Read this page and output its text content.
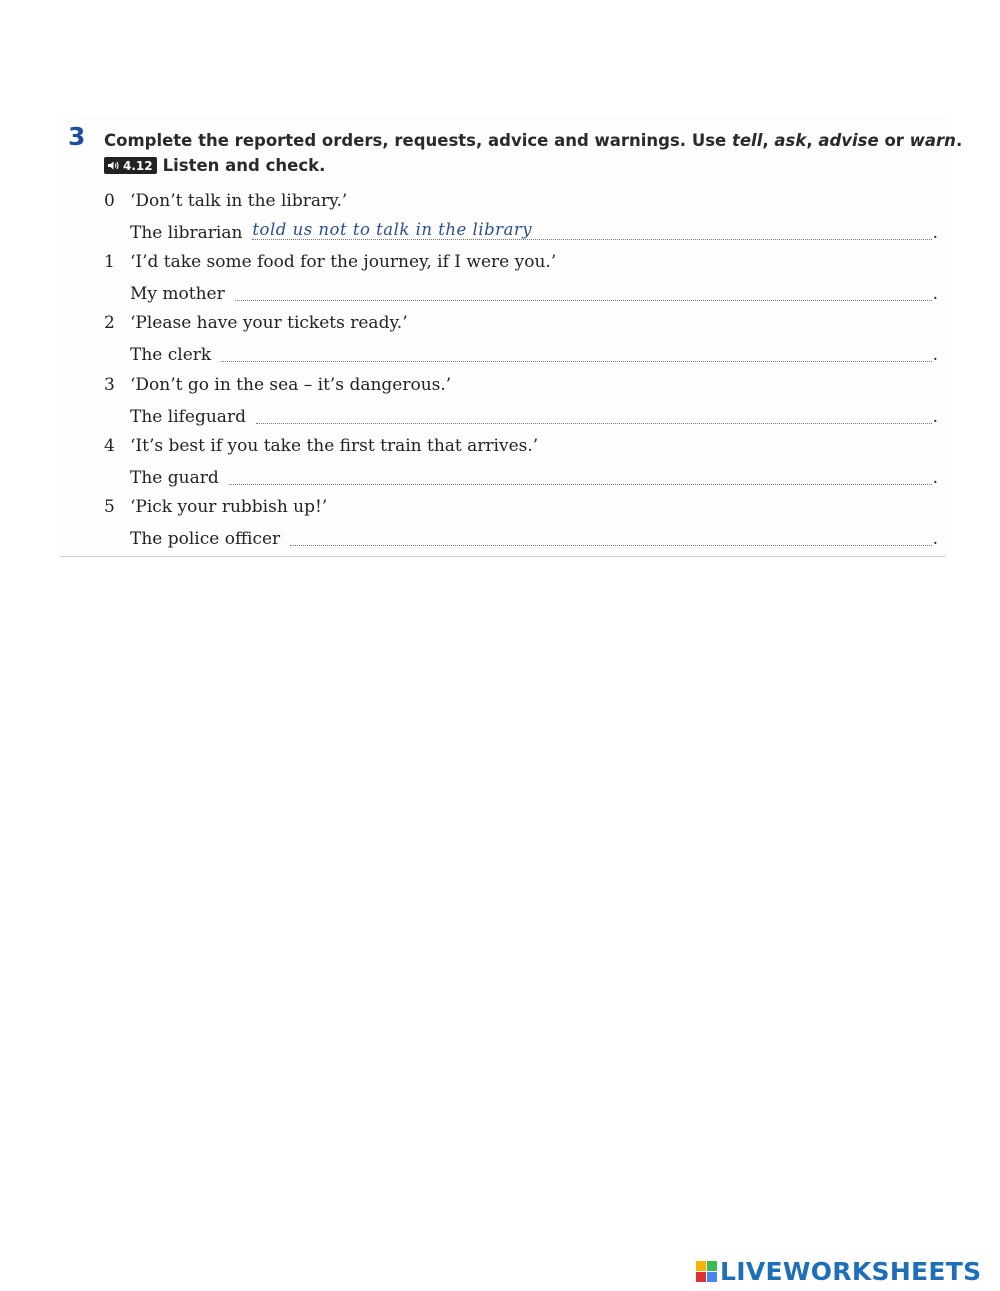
3 Complete the reported orders, requests, advice and warnings. Use tell, ask, advise or warn.
4.12 Listen and check.
0 ‘Don’t talk in the library.’
The librarian told us not to talk in the library	.
1 ‘I’d take some food for the journey, if I were you.’
My mother	.
2 ‘Please have your tickets ready.’
The clerk	.
3 ‘Don’t go in the sea – it’s dangerous.’
The lifeguard	.
4 ‘It’s best if you take the first train that arrives.’
The guard	.
5 ‘Pick your rubbish up!’
The police officer	.
LIVEWORKSHEETS
